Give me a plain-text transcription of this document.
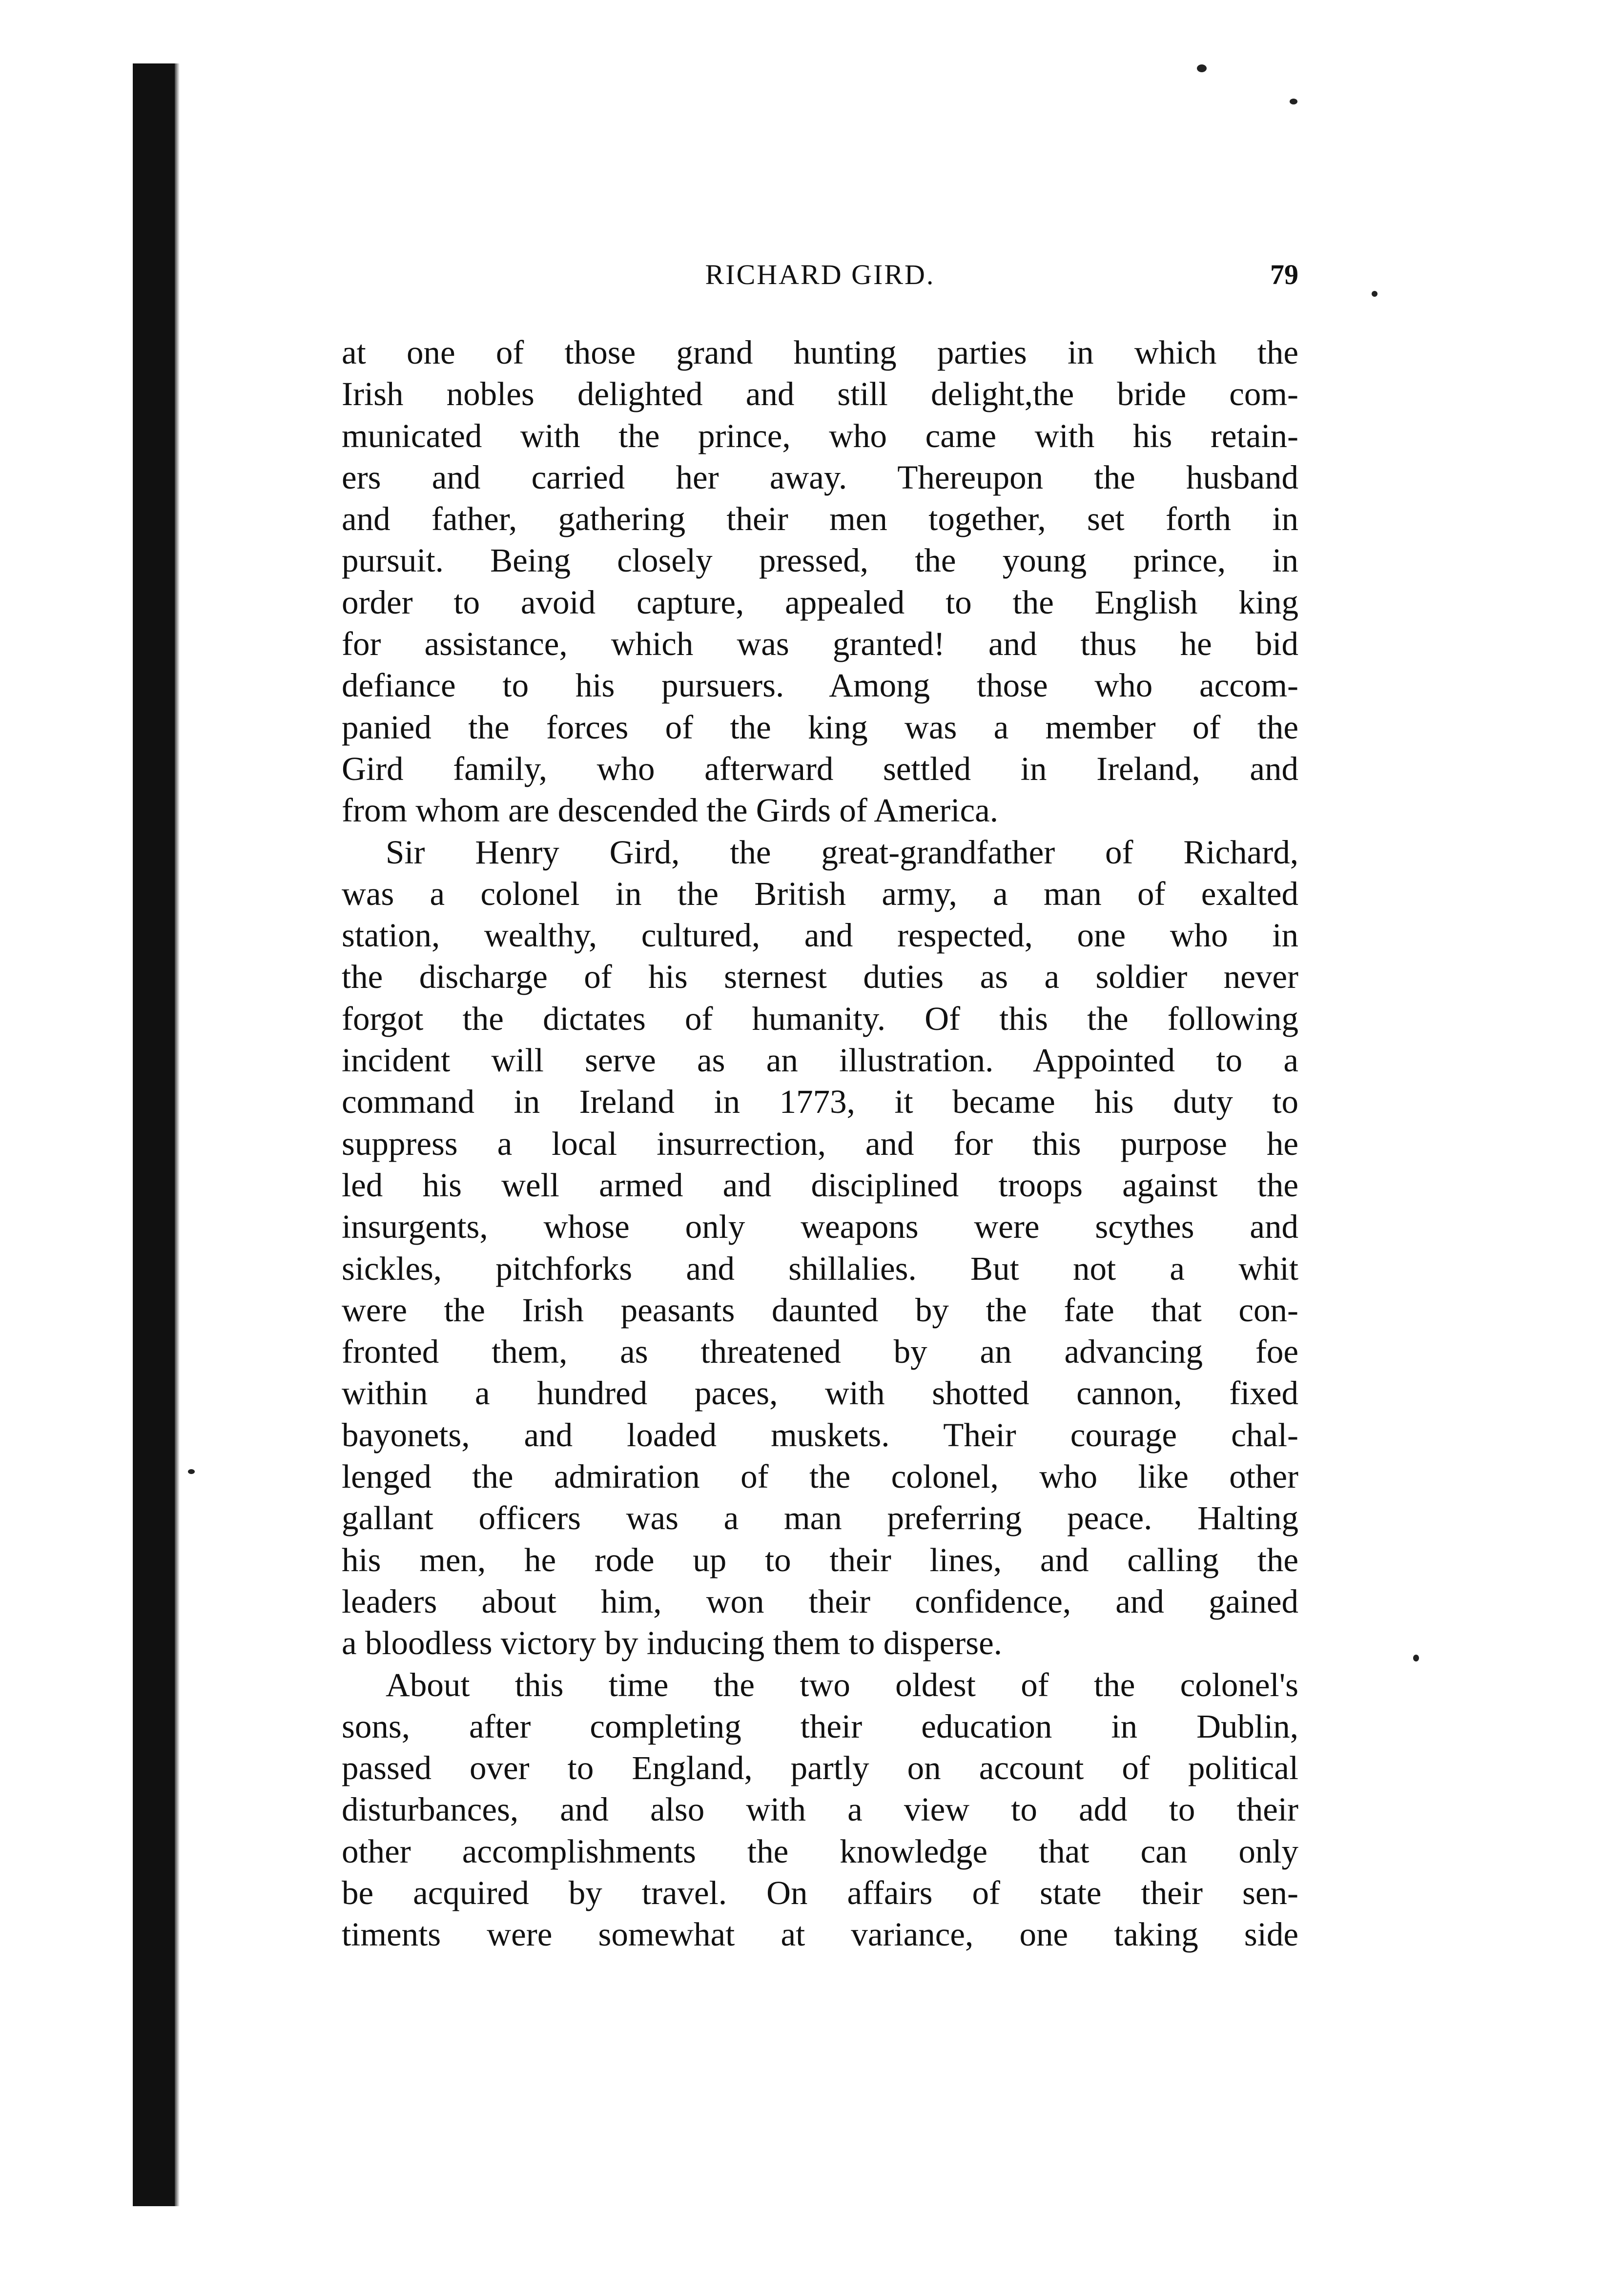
RICHARD GIRD.	79
at one of those grand hunting parties in which the
Irish nobles delighted and still delight,the bride com-
municated with the prince, who came with his retain-
ers and carried her away. Thereupon the husband
and father, gathering their men together, set forth in
pursuit. Being closely pressed, the young prince, in
order to avoid capture, appealed to the English king
for assistance, which was granted! and thus he bid
defiance to his pursuers. Among those who accom-
panied the forces of the king was a member of the
Gird family, who afterward settled in Ireland, and
from whom are descended the Girds of America.
Sir Henry Gird, the great-grandfather of Richard,
was a colonel in the British army, a man of exalted
station, wealthy, cultured, and respected, one who in
the discharge of his sternest duties as a soldier never
forgot the dictates of humanity. Of this the following
incident will serve as an illustration. Appointed to a
command in Ireland in 1773, it became his duty to
suppress a local insurrection, and for this purpose he
led his well armed and disciplined troops against the
insurgents, whose only weapons were scythes and
sickles, pitchforks and shillalies. But not a whit
were the Irish peasants daunted by the fate that con-
fronted them, as threatened by an advancing foe
within a hundred paces, with shotted cannon, fixed
bayonets, and loaded muskets. Their courage chal-
lenged the admiration of the colonel, who like other
gallant officers was a man preferring peace. Halting
his men, he rode up to their lines, and calling the
leaders about him, won their confidence, and gained
a bloodless victory by inducing them to disperse.
About this time the two oldest of the colonel's
sons, after completing their education in Dublin,
passed over to England, partly on account of political
disturbances, and also with a view to add to their
other accomplishments the knowledge that can only
be acquired by travel. On affairs of state their sen-
timents were somewhat at variance, one taking side
